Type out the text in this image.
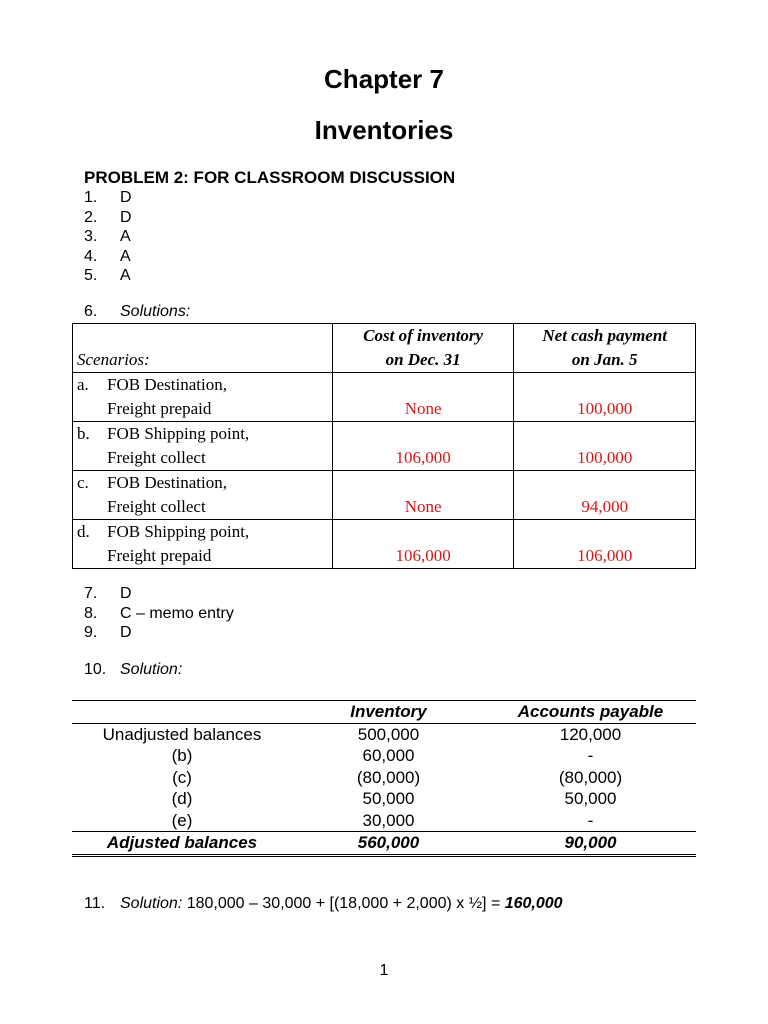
Chapter 7
Inventories
PROBLEM 2: FOR CLASSROOM DISCUSSION
1. D
2. D
3. A
4. A
5. A
6. Solutions:
	Cost of inventory	Net cash payment
Scenarios:	on Dec. 31	on Jan. 5
a. FOB Destination,		
Freight prepaid	None	100,000
b. FOB Shipping point,		
Freight collect	106,000	100,000
c. FOB Destination,		
Freight collect	None	94,000
d. FOB Shipping point,		
Freight prepaid	106,000	106,000
7. D
8. C – memo entry
9. D
10. Solution:
	Inventory	Accounts payable
Unadjusted balances	500,000	120,000
(b)	60,000	-
(c)	(80,000)	(80,000)
(d)	50,000	50,000
(e)	30,000	-
Adjusted balances	560,000	90,000
11. Solution: 180,000 – 30,000 + [(18,000 + 2,000) x ½] = 160,000
1
